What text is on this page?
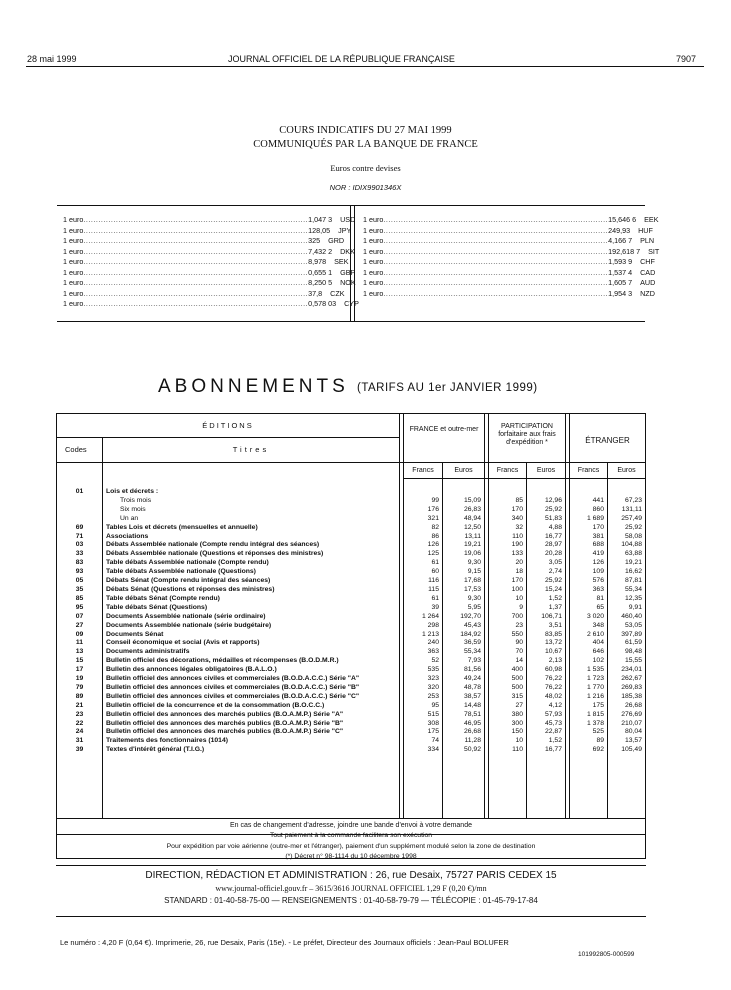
28 mai 1999	JOURNAL OFFICIEL DE LA RÉPUBLIQUE FRANÇAISE	7907
COURS INDICATIFS DU 27 MAI 1999
COMMUNIQUÉS PAR LA BANQUE DE FRANCE
Euros contre devises
NOR : IDIX9901346X
1 euro .......................................................................................... 1,047 3	USD
1 euro .......................................................................................... 128,05	JPY
1 euro .......................................................................................... 325	GRD
1 euro .......................................................................................... 7,432 2	DKK
1 euro .......................................................................................... 8,978	SEK
1 euro .......................................................................................... 0,655 1	GBP
1 euro .......................................................................................... 8,250 5	NOK
1 euro .......................................................................................... 37,8	CZK
1 euro .......................................................................................... 0,578 03	CYP
1 euro .......................................................................................... 15,646 6	EEK
1 euro .......................................................................................... 249,93	HUF
1 euro .......................................................................................... 4,166 7	PLN
1 euro .......................................................................................... 192,618 7	SIT
1 euro .......................................................................................... 1,593 9	CHF
1 euro .......................................................................................... 1,537 4	CAD
1 euro .......................................................................................... 1,605 7	AUD
1 euro .......................................................................................... 1,954 3	NZD
ABONNEMENTS (TARIFS AU 1er JANVIER 1999)
ÉDITIONS
Codes	Titres
FRANCE et outre-mer	PARTICIPATION forfaitaire aux frais d'expédition *	ÉTRANGER
Francs	Euros	Francs	Euros	Francs	Euros
01	Lois et décrets :						
	Trois mois	99	15,09	85	12,96	441	67,23
	Six mois	176	26,83	170	25,92	860	131,11
	Un an	321	48,94	340	51,83	1 689	257,49
69	Tables Lois et décrets (mensuelles et annuelle)	82	12,50	32	4,88	170	25,92
71	Associations	86	13,11	110	16,77	381	58,08
03	Débats Assemblée nationale (Compte rendu intégral des séances)	126	19,21	190	28,97	688	104,88
33	Débats Assemblée nationale (Questions et réponses des ministres)	125	19,06	133	20,28	419	63,88
83	Table débats Assemblée nationale (Compte rendu)	61	9,30	20	3,05	126	19,21
93	Table débats Assemblée nationale (Questions)	60	9,15	18	2,74	109	16,62
05	Débats Sénat (Compte rendu intégral des séances)	116	17,68	170	25,92	576	87,81
35	Débats Sénat (Questions et réponses des ministres)	115	17,53	100	15,24	363	55,34
85	Table débats Sénat (Compte rendu)	61	9,30	10	1,52	81	12,35
95	Table débats Sénat (Questions)	39	5,95	9	1,37	65	9,91
07	Documents Assemblée nationale (série ordinaire)	1 264	192,70	700	106,71	3 020	460,40
27	Documents Assemblée nationale (série budgétaire)	298	45,43	23	3,51	348	53,05
09	Documents Sénat	1 213	184,92	550	83,85	2 610	397,89
11	Conseil économique et social (Avis et rapports)	240	36,59	90	13,72	404	61,59
13	Documents administratifs	363	55,34	70	10,67	646	98,48
15	Bulletin officiel des décorations, médailles et récompenses (B.O.D.M.R.)	52	7,93	14	2,13	102	15,55
17	Bulletin des annonces légales obligatoires (B.A.L.O.)	535	81,56	400	60,98	1 535	234,01
19	Bulletin officiel des annonces civiles et commerciales (B.O.D.A.C.C.) Série "A"	323	49,24	500	76,22	1 723	262,67
79	Bulletin officiel des annonces civiles et commerciales (B.O.D.A.C.C.) Série "B"	320	48,78	500	76,22	1 770	269,83
89	Bulletin officiel des annonces civiles et commerciales (B.O.D.A.C.C.) Série "C"	253	38,57	315	48,02	1 216	185,38
21	Bulletin officiel de la concurrence et de la consommation (B.O.C.C.)	95	14,48	27	4,12	175	26,68
23	Bulletin officiel des annonces des marchés publics (B.O.A.M.P.) Série "A"	515	78,51	380	57,93	1 815	276,69
22	Bulletin officiel des annonces des marchés publics (B.O.A.M.P.) Série "B"	308	46,95	300	45,73	1 378	210,07
24	Bulletin officiel des annonces des marchés publics (B.O.A.M.P.) Série "C"	175	26,68	150	22,87	525	80,04
31	Traitements des fonctionnaires (1014)	74	11,28	10	1,52	89	13,57
39	Textes d'intérêt général (T.I.G.)	334	50,92	110	16,77	692	105,49
En cas de changement d'adresse, joindre une bande d'envoi à votre demande
Tout paiement à la commande facilitera son exécution
Pour expédition par voie aérienne (outre-mer et l'étranger), paiement d'un supplément modulé selon la zone de destination
(*) Décret n° 98-1114 du 10 décembre 1998
DIRECTION, RÉDACTION ET ADMINISTRATION : 26, rue Desaix, 75727 PARIS CEDEX 15
www.journal-officiel.gouv.fr – 3615/3616 JOURNAL OFFICIEL 1,29 F (0,20 €)/mn
STANDARD : 01-40-58-75-00 — RENSEIGNEMENTS : 01-40-58-79-79 — TÉLÉCOPIE : 01-45-79-17-84
Le numéro : 4,20 F (0,64 €). Imprimerie, 26, rue Desaix, Paris (15e). - Le préfet, Directeur des Journaux officiels : Jean-Paul BOLUFER
101992805-000599
